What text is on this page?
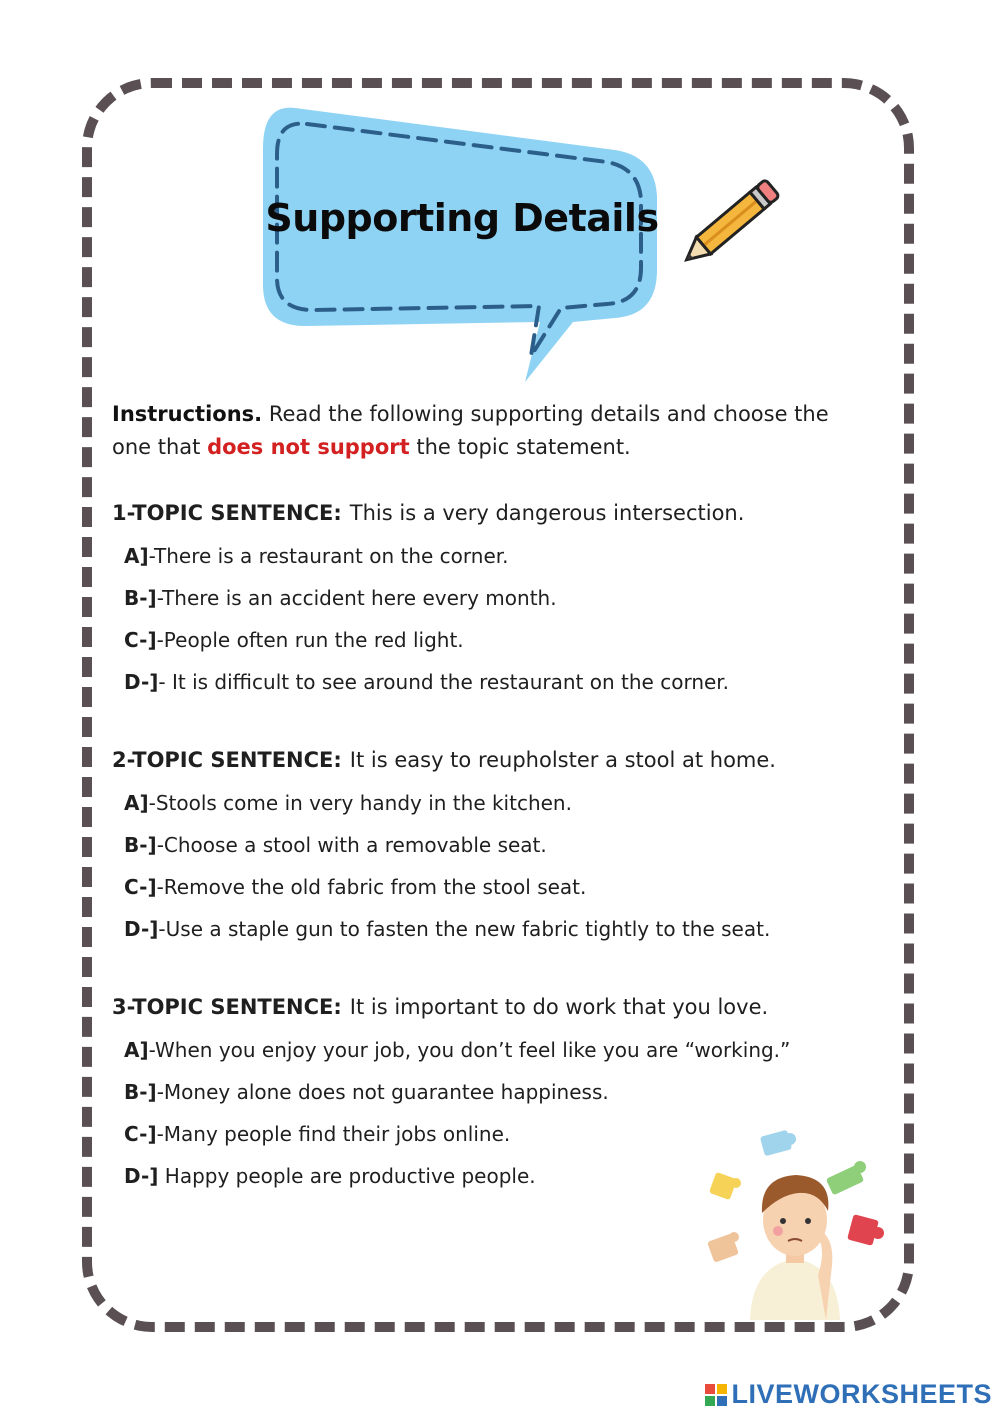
Supporting Details
Instructions. Read the following supporting details and choose the one that does not support the topic statement.
1-TOPIC SENTENCE: This is a very dangerous intersection.
A]-There is a restaurant on the corner.
B-]-There is an accident here every month.
C-]-People often run the red light.
D-]- It is difficult to see around the restaurant on the corner.
2-TOPIC SENTENCE: It is easy to reupholster a stool at home.
A]-Stools come in very handy in the kitchen.
B-]-Choose a stool with a removable seat.
C-]-Remove the old fabric from the stool seat.
D-]-Use a staple gun to fasten the new fabric tightly to the seat.
3-TOPIC SENTENCE: It is important to do work that you love.
A]-When you enjoy your job, you don’t feel like you are “working.”
B-]-Money alone does not guarantee happiness.
C-]-Many people find their jobs online.
D-] Happy people are productive people.
LIVEWORKSHEETS
